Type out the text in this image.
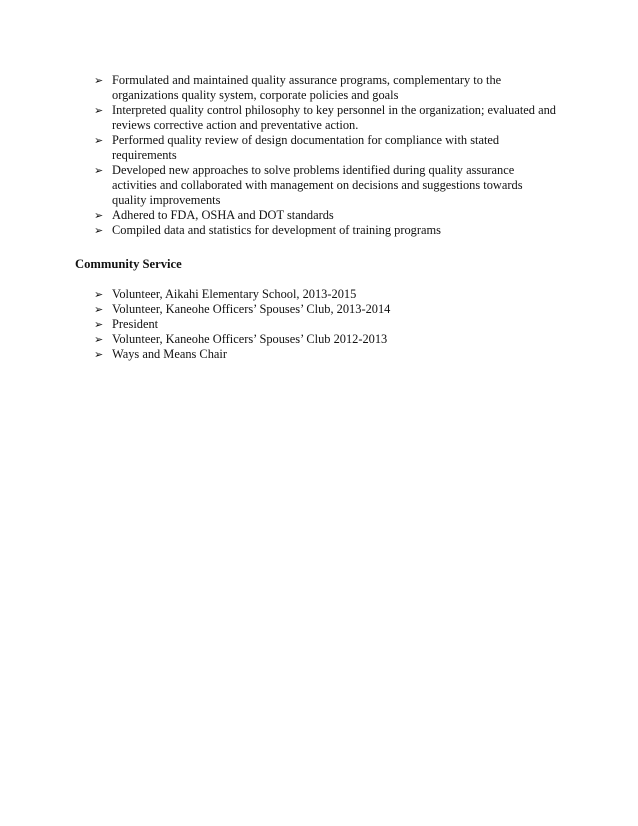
➢ Formulated and maintained quality assurance programs, complementary to the
organizations quality system, corporate policies and goals
➢ Interpreted quality control philosophy to key personnel in the organization; evaluated and
reviews corrective action and preventative action.
➢ Performed quality review of design documentation for compliance with stated
requirements
➢ Developed new approaches to solve problems identified during quality assurance
activities and collaborated with management on decisions and suggestions towards
quality improvements
➢ Adhered to FDA, OSHA and DOT standards
➢ Compiled data and statistics for development of training programs
Community Service
➢ Volunteer, Aikahi Elementary School, 2013-2015
➢ Volunteer, Kaneohe Officers’ Spouses’ Club, 2013-2014
➢ President
➢ Volunteer, Kaneohe Officers’ Spouses’ Club 2012-2013
➢ Ways and Means Chair
